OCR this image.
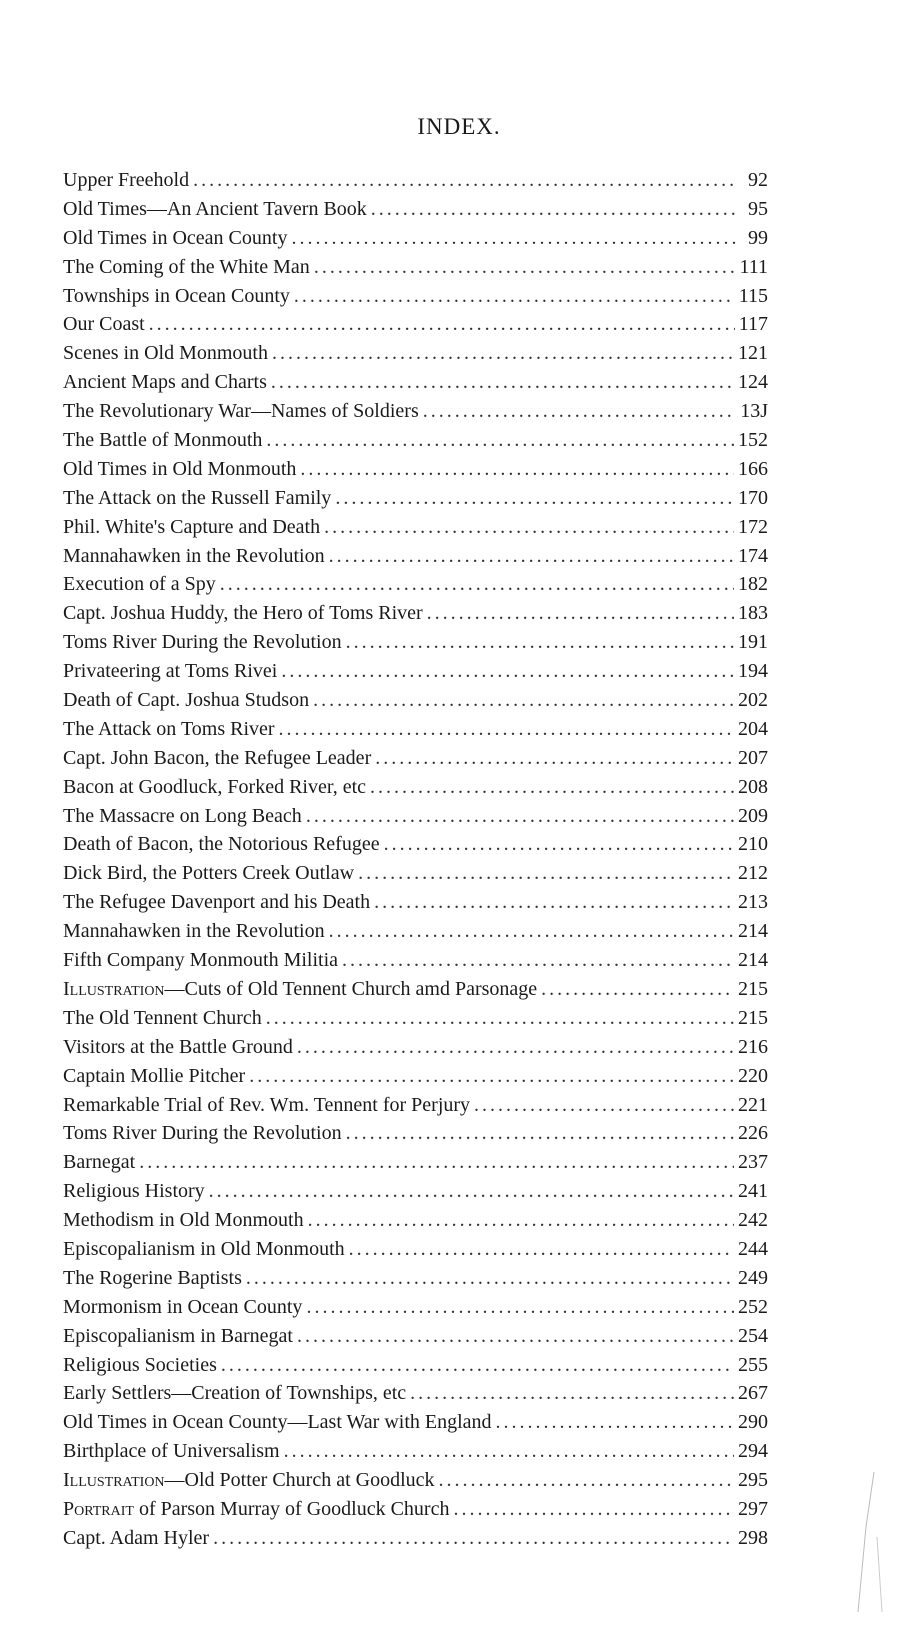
INDEX.
Upper Freehold . . .	92
Old Times—An Ancient Tavern Book . . .	95
Old Times in Ocean County . . .	99
The Coming of the White Man . . .	111
Townships in Ocean County . . .	115
Our Coast . . .	117
Scenes in Old Monmouth . . .	121
Ancient Maps and Charts . . .	124
The Revolutionary War—Names of Soldiers . . .	13J
The Battle of Monmouth . . .	152
Old Times in Old Monmouth . . .	166
The Attack on the Russell Family . . .	170
Phil. White's Capture and Death . . .	172
Mannahawken in the Revolution . . .	174
Execution of a Spy . . .	182
Capt. Joshua Huddy, the Hero of Toms River . . .	183
Toms River During the Revolution . . .	191
Privateering at Toms Rivei . . .	194
Death of Capt. Joshua Studson . . .	202
The Attack on Toms River . . .	204
Capt. John Bacon, the Refugee Leader . . .	207
Bacon at Goodluck, Forked River, etc . . .	208
The Massacre on Long Beach . . .	209
Death of Bacon, the Notorious Refugee . . .	210
Dick Bird, the Potters Creek Outlaw . . .	212
The Refugee Davenport and his Death . . .	213
Mannahawken in the Revolution . . .	214
Fifth Company Monmouth Militia . . .	214
Illustration—Cuts of Old Tennent Church amd Parsonage . . .	215
The Old Tennent Church . . .	215
Visitors at the Battle Ground . . .	216
Captain Mollie Pitcher . . .	220
Remarkable Trial of Rev. Wm. Tennent for Perjury . . .	221
Toms River During the Revolution . . .	226
Barnegat . . .	237
Religious History . . .	241
Methodism in Old Monmouth . . .	242
Episcopalianism in Old Monmouth . . .	244
The Rogerine Baptists . . .	249
Mormonism in Ocean County . . .	252
Episcopalianism in Barnegat . . .	254
Religious Societies . . .	255
Early Settlers—Creation of Townships, etc . . .	267
Old Times in Ocean County—Last War with England . . .	290
Birthplace of Universalism . . .	294
Illustration—Old Potter Church at Goodluck . . .	295
Portrait of Parson Murray of Goodluck Church . . .	297
Capt. Adam Hyler . . .	298
